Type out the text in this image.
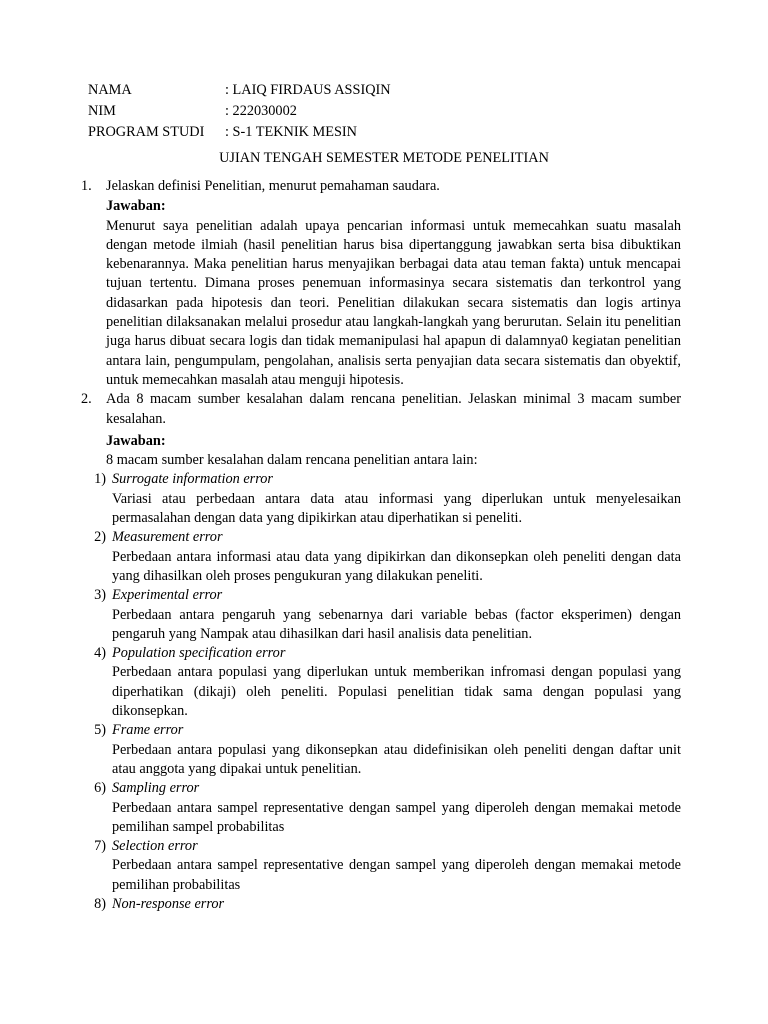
NAMA	: LAIQ FIRDAUS ASSIQIN
NIM	: 222030002
PROGRAM STUDI	: S-1 TEKNIK MESIN
UJIAN TENGAH SEMESTER METODE PENELITIAN
1. Jelaskan definisi Penelitian, menurut pemahaman saudara.
Jawaban:
Menurut saya penelitian adalah upaya pencarian informasi untuk memecahkan suatu masalah dengan metode ilmiah (hasil penelitian harus bisa dipertanggung jawabkan serta bisa dibuktikan kebenarannya. Maka penelitian harus menyajikan berbagai data atau teman fakta) untuk mencapai tujuan tertentu. Dimana proses penemuan informasinya secara sistematis dan terkontrol yang didasarkan pada hipotesis dan teori. Penelitian dilakukan secara sistematis dan logis artinya penelitian dilaksanakan melalui prosedur atau langkah-langkah yang berurutan. Selain itu penelitian juga harus dibuat secara logis dan tidak memanipulasi hal apapun di dalamnya0 kegiatan penelitian antara lain, pengumpulam, pengolahan, analisis serta penyajian data secara sistematis dan obyektif, untuk memecahkan masalah atau menguji hipotesis.
2. Ada 8 macam sumber kesalahan dalam rencana penelitian. Jelaskan minimal 3 macam sumber kesalahan.
Jawaban:
8 macam sumber kesalahan dalam rencana penelitian antara lain:
1) Surrogate information error
Variasi atau perbedaan antara data atau informasi yang diperlukan untuk menyelesaikan permasalahan dengan data yang dipikirkan atau diperhatikan si peneliti.
2) Measurement error
Perbedaan antara informasi atau data yang dipikirkan dan dikonsepkan oleh peneliti dengan data yang dihasilkan oleh proses pengukuran yang dilakukan peneliti.
3) Experimental error
Perbedaan antara pengaruh yang sebenarnya dari variable bebas (factor eksperimen) dengan pengaruh yang Nampak atau dihasilkan dari hasil analisis data penelitian.
4) Population specification error
Perbedaan antara populasi yang diperlukan untuk memberikan infromasi dengan populasi yang diperhatikan (dikaji) oleh peneliti. Populasi penelitian tidak sama dengan populasi yang dikonsepkan.
5) Frame error
Perbedaan antara populasi yang dikonsepkan atau didefinisikan oleh peneliti dengan daftar unit atau anggota yang dipakai untuk penelitian.
6) Sampling error
Perbedaan antara sampel representative dengan sampel yang diperoleh dengan memakai metode pemilihan sampel probabilitas
7) Selection error
Perbedaan antara sampel representative dengan sampel yang diperoleh dengan memakai metode pemilihan probabilitas
8) Non-response error
